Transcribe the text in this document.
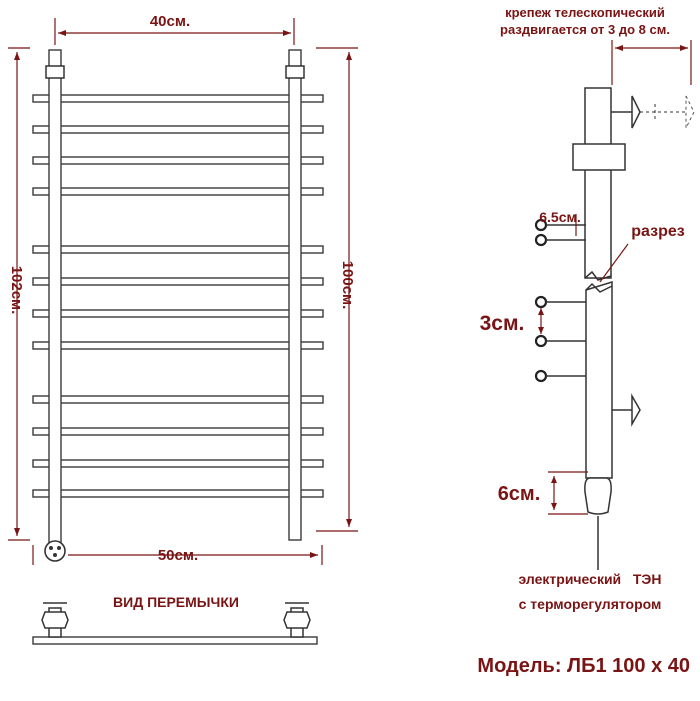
40см.
102см.	100см.
50см.
ВИД ПЕРЕМЫЧКИ
крепеж телескопический
раздвигается от 3 до 8 см.
6.5см.
3см.
разрез
6см.
электрический   ТЭН
с терморегулятором
Модель: ЛБ1 100 х 40
